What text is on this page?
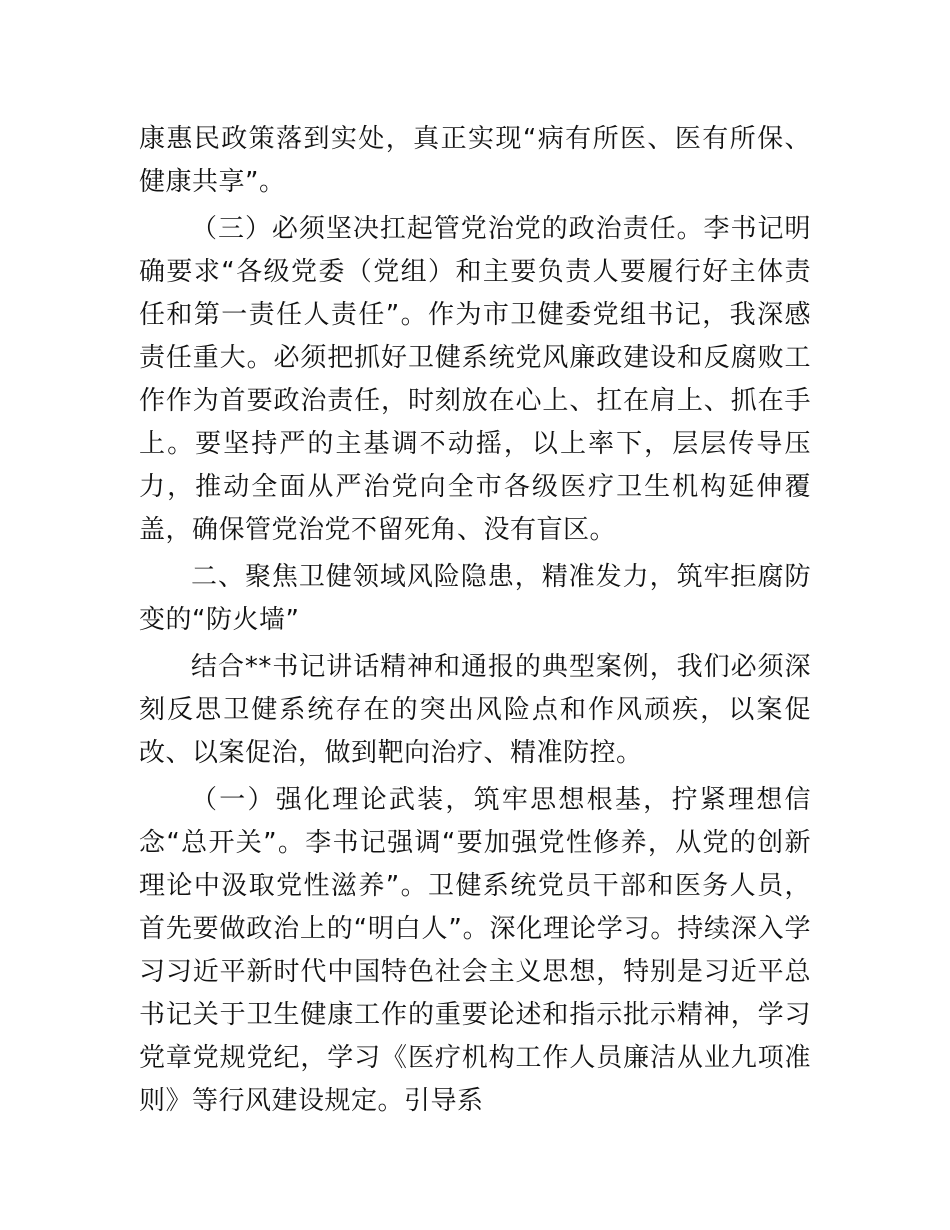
康惠民政策落到实处，真正实现“病有所医、医有所保、健康共享”。

（三）必须坚决扛起管党治党的政治责任。李书记明确要求“各级党委（党组）和主要负责人要履行好主体责任和第一责任人责任”。作为市卫健委党组书记，我深感责任重大。必须把抓好卫健系统党风廉政建设和反腐败工作作为首要政治责任，时刻放在心上、扛在肩上、抓在手上。要坚持严的主基调不动摇，以上率下，层层传导压力，推动全面从严治党向全市各级医疗卫生机构延伸覆盖，确保管党治党不留死角、没有盲区。

二、聚焦卫健领域风险隐患，精准发力，筑牢拒腐防变的“防火墙”

结合**书记讲话精神和通报的典型案例，我们必须深刻反思卫健系统存在的突出风险点和作风顽疾，以案促改、以案促治，做到靶向治疗、精准防控。

（一）强化理论武装，筑牢思想根基，拧紧理想信念“总开关”。李书记强调“要加强党性修养，从党的创新理论中汲取党性滋养”。卫健系统党员干部和医务人员，首先要做政治上的“明白人”。深化理论学习。持续深入学习习近平新时代中国特色社会主义思想，特别是习近平总书记关于卫生健康工作的重要论述和指示批示精神，学习党章党规党纪，学习《医疗机构工作人员廉洁从业九项准则》等行风建设规定。引导系
